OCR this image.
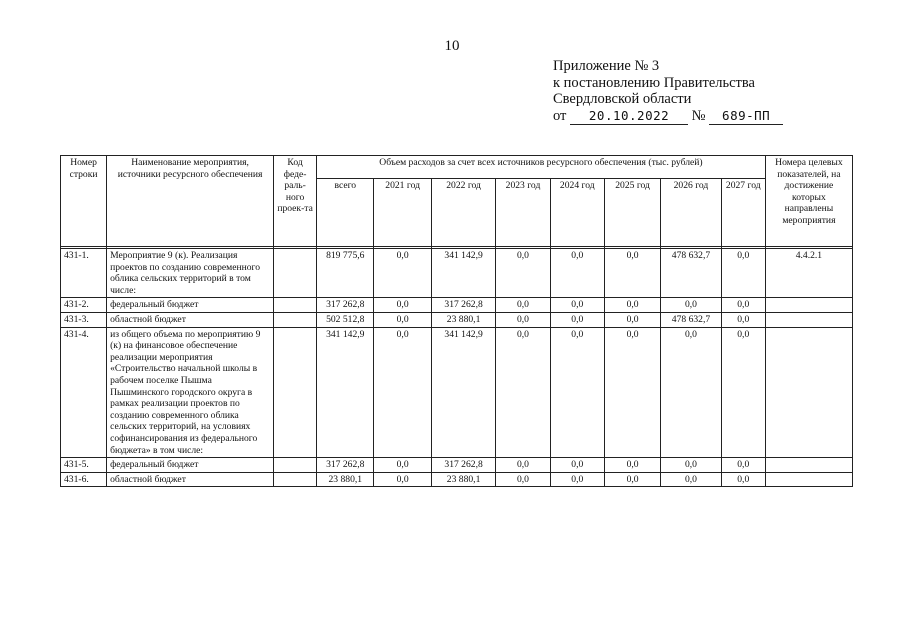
10
Приложение № 3
к постановлению Правительства
Свердловской области
от 20.10.2022 № 689-ПП
Номер строки	Наименование мероприятия, источники ресурсного обеспечения	Код феде-раль-ного проек-та	Объем расходов за счет всех источников ресурсного обеспечения (тыс. рублей)								Номера целевых показателей, на достижение которых направлены мероприятия
			всего	2021 год	2022 год	2023 год	2024 год	2025 год	2026 год	2027 год	

431-1.	Мероприятие 9 (к). Реализация проектов по созданию современного облика сельских территорий в том числе:		819 775,6	0,0	341 142,9	0,0	0,0	0,0	478 632,7	0,0	4.4.2.1
431-2.	федеральный бюджет		317 262,8	0,0	317 262,8	0,0	0,0	0,0	0,0	0,0	
431-3.	областной бюджет		502 512,8	0,0	23 880,1	0,0	0,0	0,0	478 632,7	0,0	
431-4.	из общего объема по мероприятию 9 (к) на финансовое обеспечение реализации мероприятия «Строительство начальной школы в рабочем поселке Пышма Пышминского городского округа в рамках реализации проектов по созданию современного облика сельских территорий, на условиях софинансирования из федерального бюджета» в том числе:		341 142,9	0,0	341 142,9	0,0	0,0	0,0	0,0	0,0	
431-5.	федеральный бюджет		317 262,8	0,0	317 262,8	0,0	0,0	0,0	0,0	0,0	
431-6.	областной бюджет		23 880,1	0,0	23 880,1	0,0	0,0	0,0	0,0	0,0	
